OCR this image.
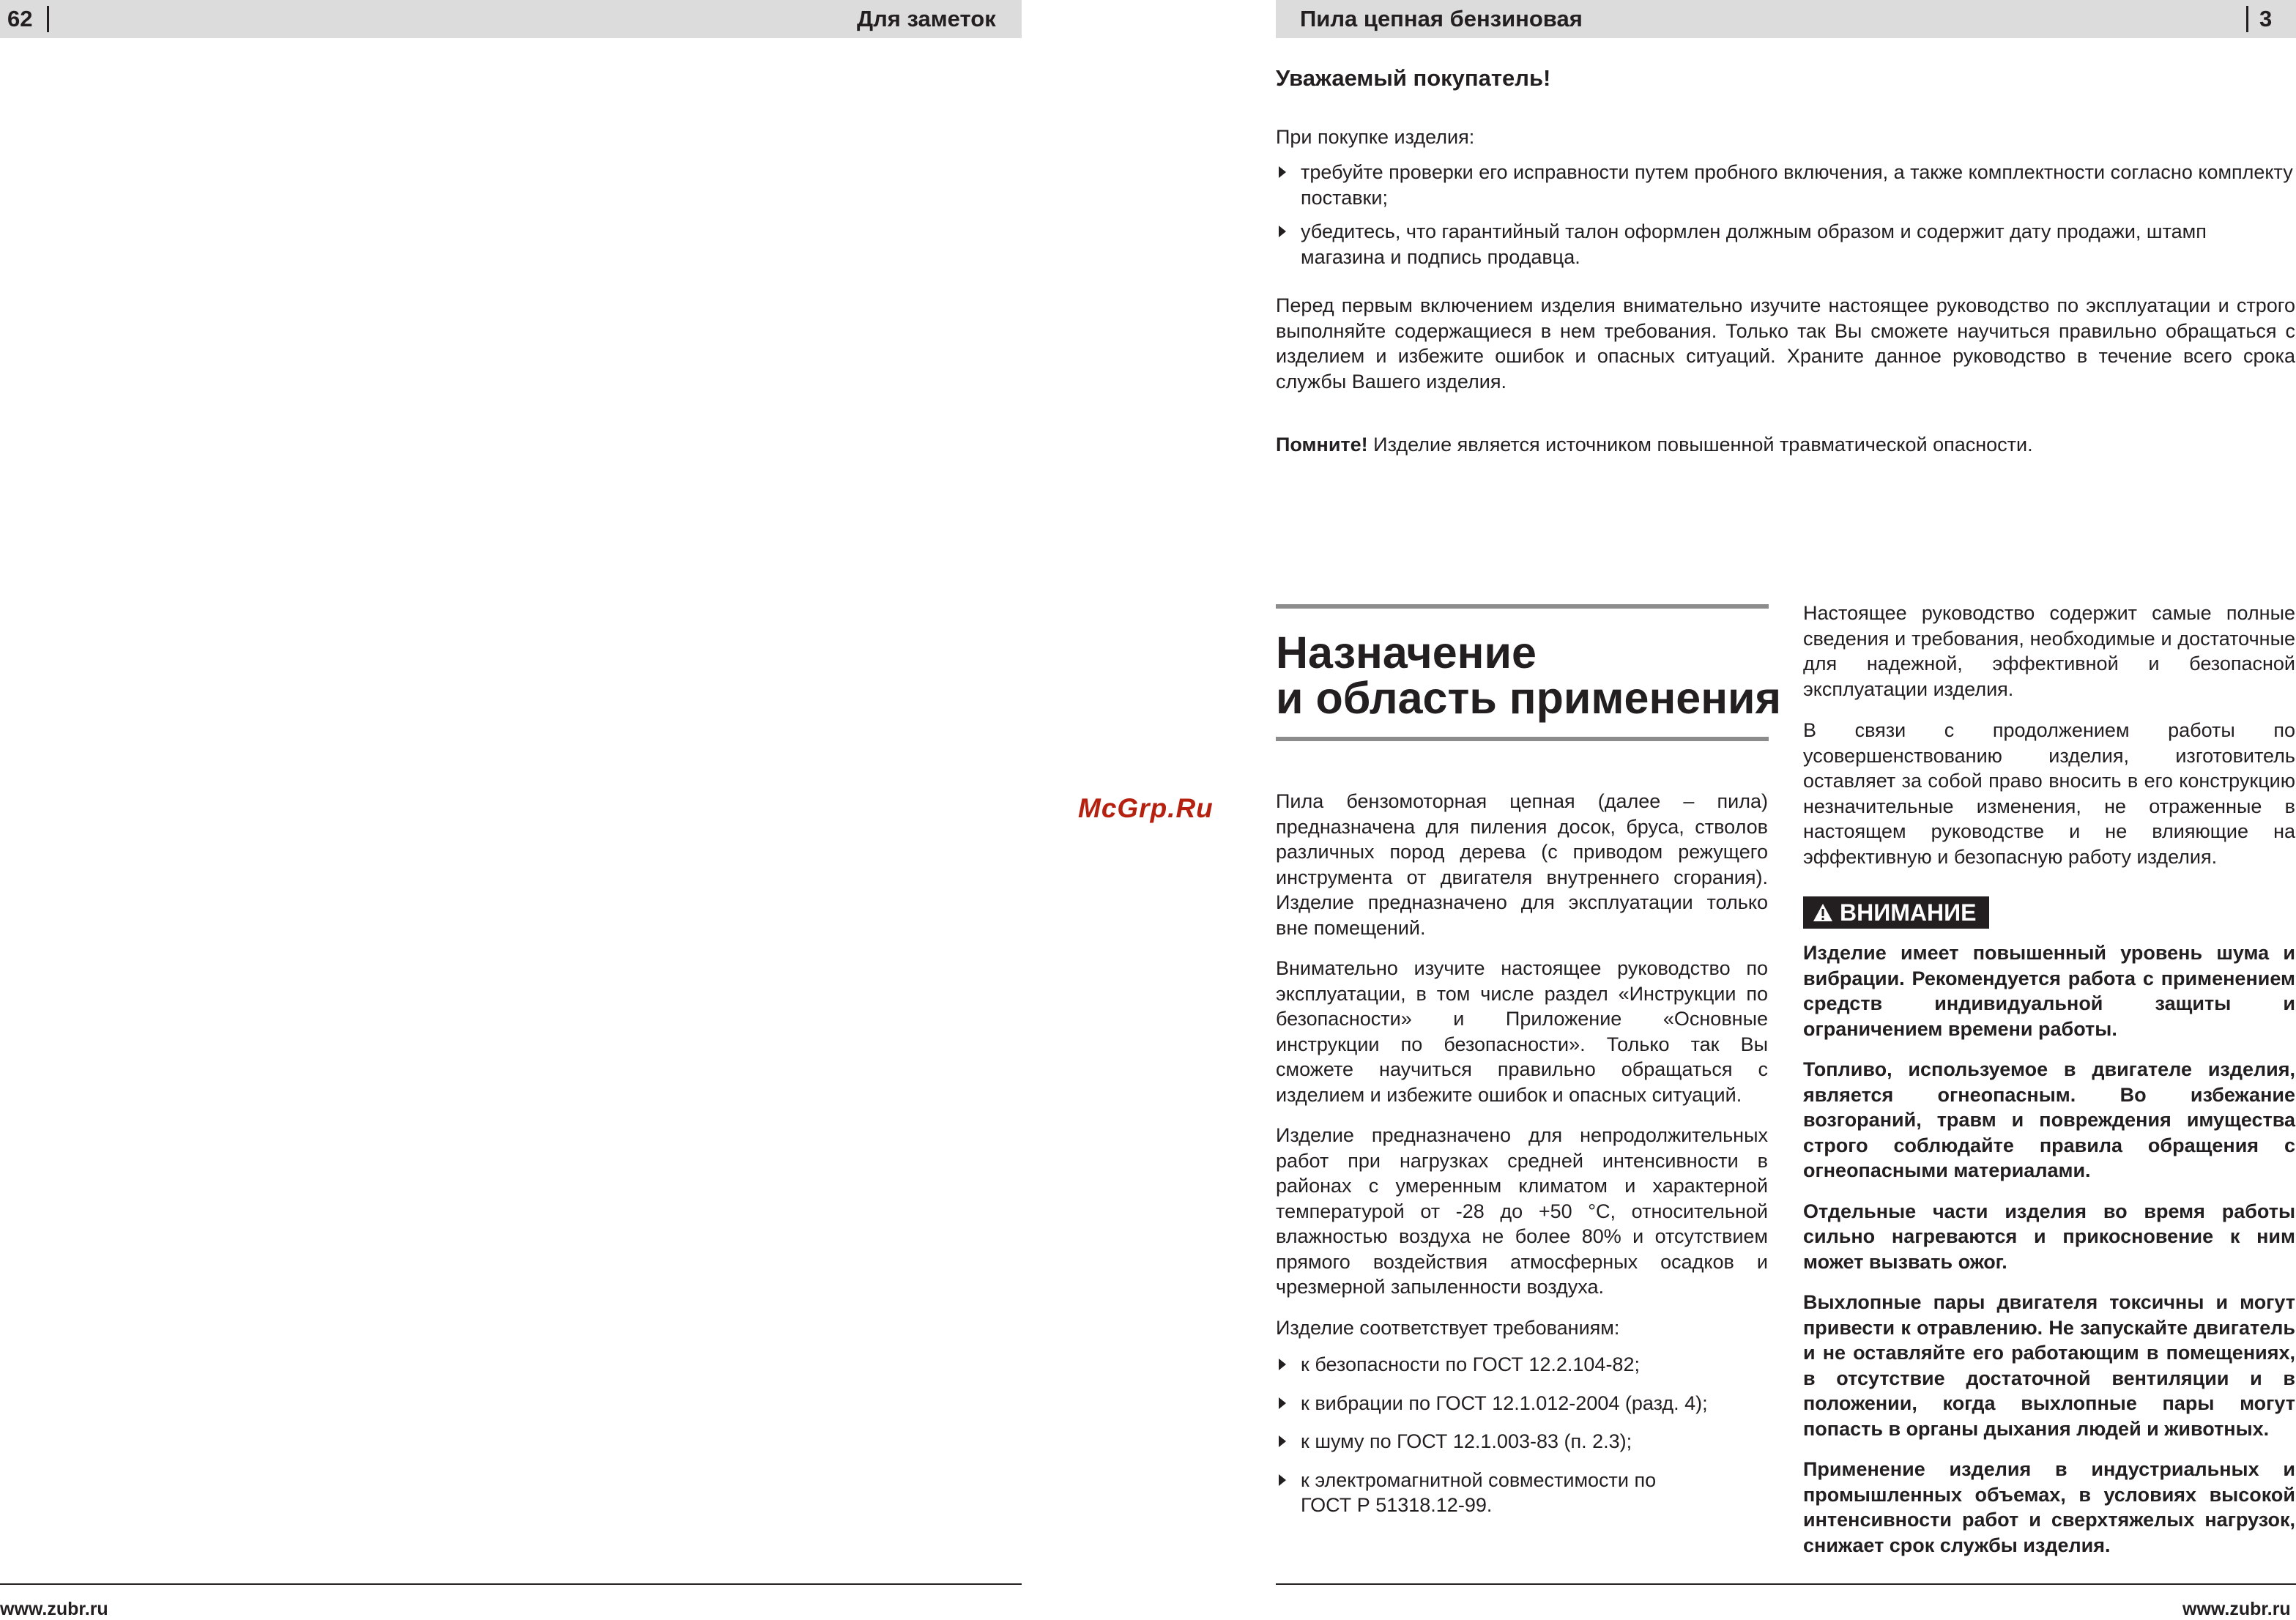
62	Для заметок
www.zubr.ru
McGrp.Ru
Пила цепная бензиновая	3
Уважаемый покупатель!
При покупке изделия:
требуйте проверки его исправности путем пробного включения, а также комплектности согласно комплекту поставки;
убедитесь, что гарантийный талон оформлен должным образом и содержит дату продажи, штамп магазина и подпись продавца.

Перед первым включением изделия внимательно изучите настоящее руководство по эксплуатации и строго выполняйте содержащиеся в нем требования. Только так Вы сможете научиться правильно обращаться с изделием и избежите ошибок и опасных ситуаций. Храните данное руководство в течение всего срока службы Вашего изделия.

Помните! Изделие является источником повышенной травматической опасности.
Назначение
и область применения

Пила бензомоторная цепная (далее – пила) предназначена для пиления досок, бруса, стволов различных пород дерева (с приводом режущего инструмента от двигателя внутреннего сгорания). Изделие предназначено для эксплуатации только вне помещений.

Внимательно изучите настоящее руководство по эксплуатации, в том числе раздел «Инструкции по безопасности» и Приложение «Основные инструкции по безопасности». Только так Вы сможете научиться правильно обращаться с изделием и избежите ошибок и опасных ситуаций.

Изделие предназначено для непродолжительных работ при нагрузках средней интенсивности в районах с умеренным климатом и характерной температурой от -28 до +50 °С, относительной влажностью воздуха не более 80% и отсутствием прямого воздействия атмосферных осадков и чрезмерной запыленности воздуха.

Изделие соответствует требованиям:

к безопасности по ГОСТ 12.2.104-82;
к вибрации по ГОСТ 12.1.012-2004 (разд. 4);
к шуму по ГОСТ 12.1.003-83 (п. 2.3);
к электромагнитной совместимости по ГОСТ Р 51318.12-99.

Настоящее руководство содержит самые полные сведения и требования, необходимые и достаточные для надежной, эффективной и безопасной эксплуатации изделия.

В связи с продолжением работы по усовершенствованию изделия, изготовитель оставляет за собой право вносить в его конструкцию незначительные изменения, не отраженные в настоящем руководстве и не влияющие на эффективную и безопасную работу изделия.

ВНИМАНИЕ

Изделие имеет повышенный уровень шума и вибрации. Рекомендуется работа с применением средств индивидуальной защиты и ограничением времени работы.

Топливо, используемое в двигателе изделия, является огнеопасным. Во избежание возгораний, травм и повреждения имущества строго соблюдайте правила обращения с огнеопасными материалами.

Отдельные части изделия во время работы сильно нагреваются и прикосновение к ним может вызвать ожог.

Выхлопные пары двигателя токсичны и могут привести к отравлению. Не запускайте двигатель и не оставляйте его работающим в помещениях, в отсутствие достаточной вентиляции и в положении, когда выхлопные пары могут попасть в органы дыхания людей и животных.

Применение изделия в индустриальных и промышленных объемах, в условиях высокой интенсивности работ и сверхтяжелых нагрузок, снижает срок службы изделия.

www.zubr.ru
